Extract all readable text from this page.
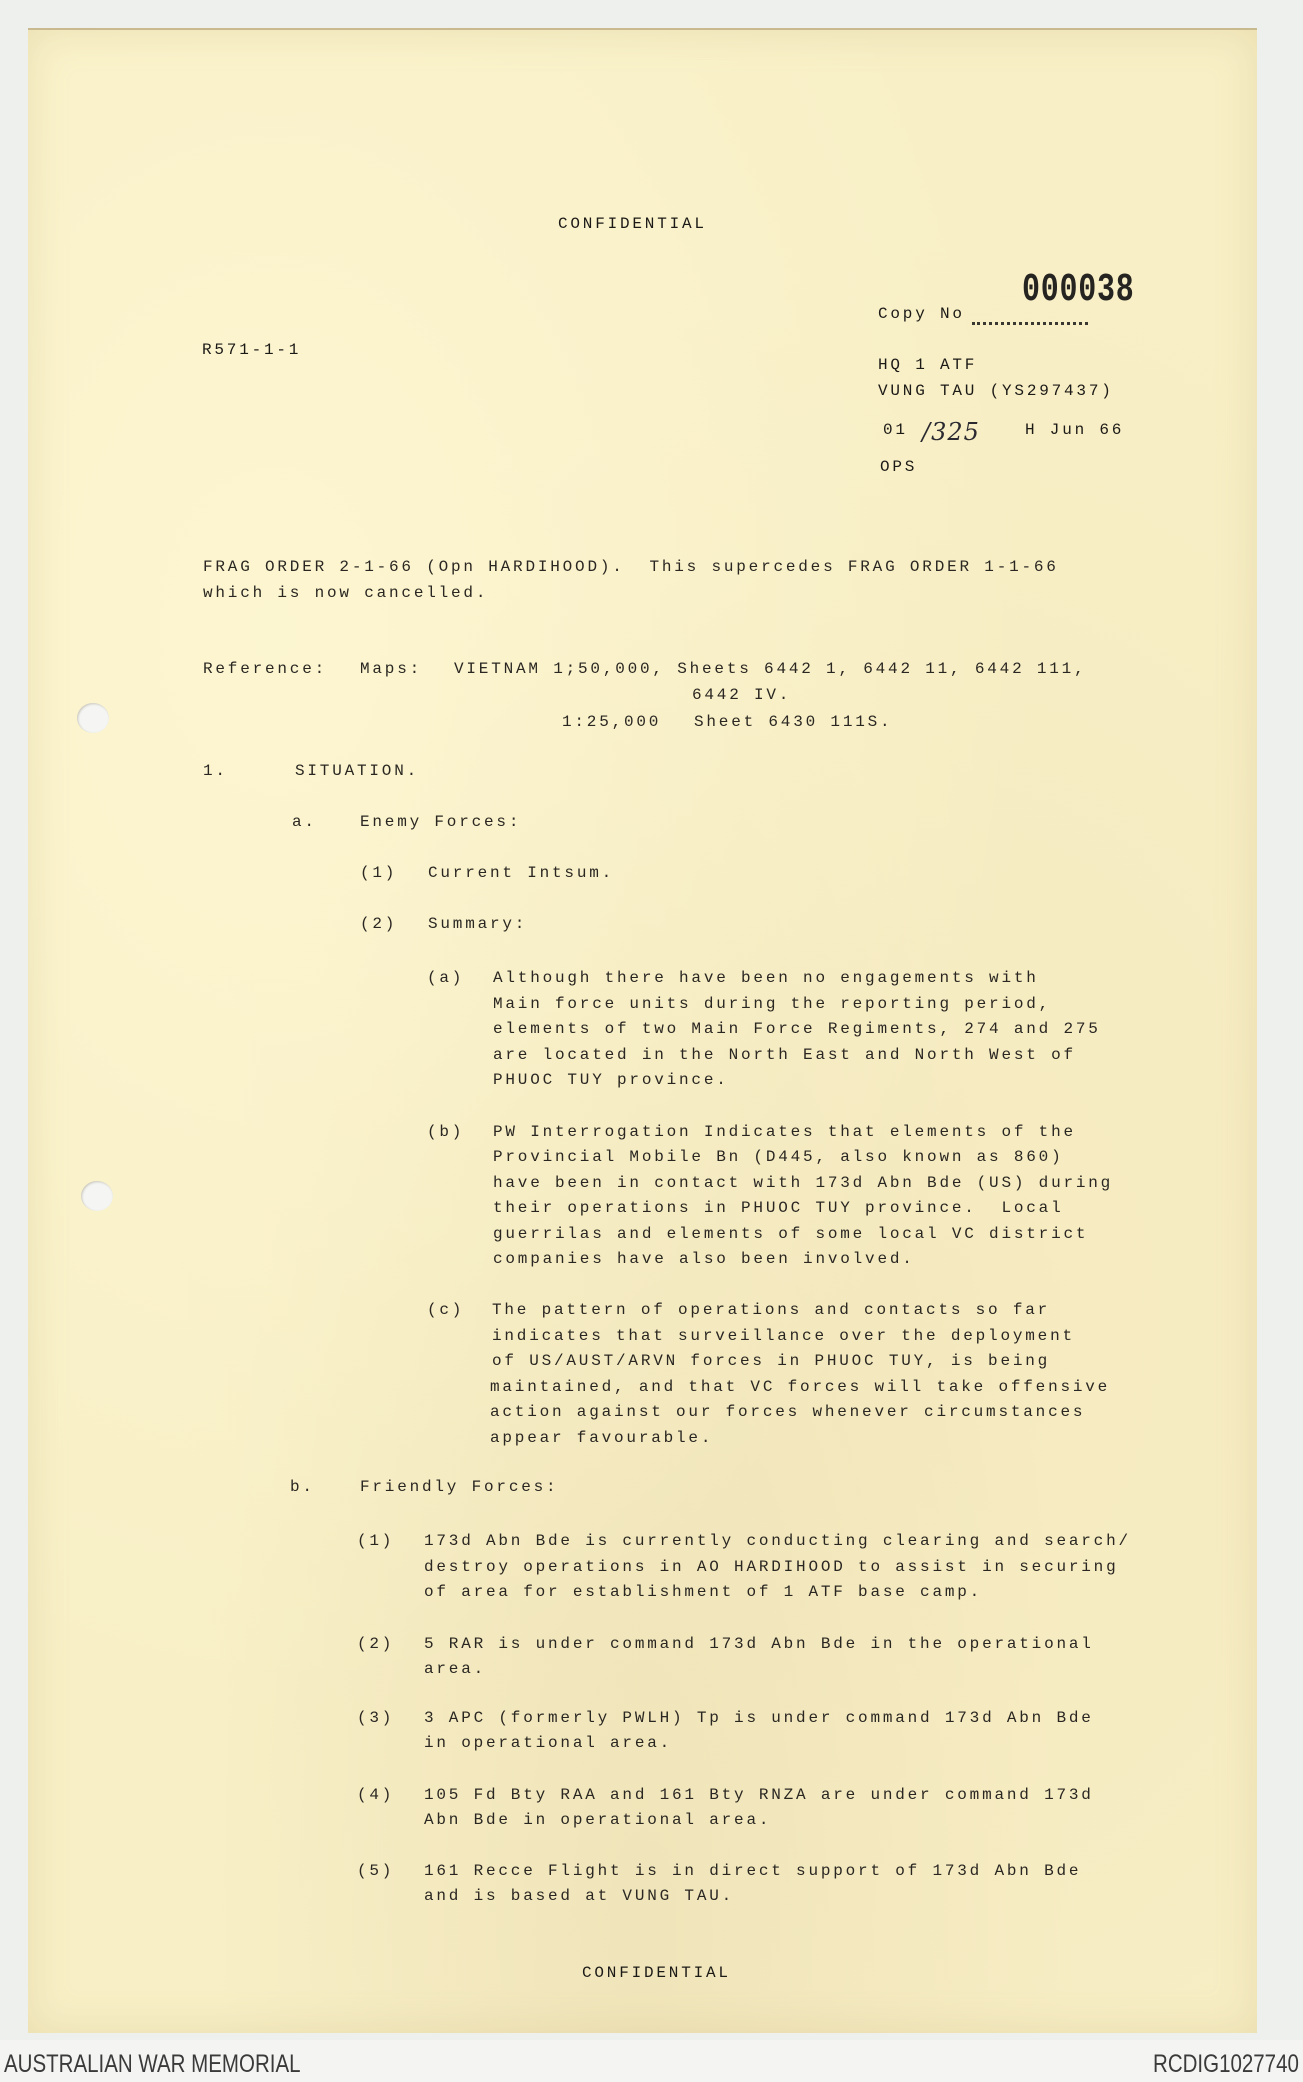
CONFIDENTIAL
000038
Copy No
R571-1-1
HQ 1 ATF
VUNG TAU (YS297437)
01 /325	H Jun 66
OPS
FRAG ORDER 2-1-66 (Opn HARDIHOOD).  This supercedes FRAG ORDER 1-1-66
which is now cancelled.
Reference: Maps: VIETNAM 1;50,000, Sheets 6442 1, 6442 11, 6442 111,
6442 IV.
1:25,000 Sheet 6430 111S.
1.	SITUATION.
a.	Enemy Forces:
(1) Current Intsum.
(2) Summary:
(a) Although there have been no engagements with
Main force units during the reporting period,
elements of two Main Force Regiments, 274 and 275
are located in the North East and North West of
PHUOC TUY province.
(b) PW Interrogation Indicates that elements of the
Provincial Mobile Bn (D445, also known as 860)
have been in contact with 173d Abn Bde (US) during
their operations in PHUOC TUY province.  Local
guerrilas and elements of some local VC district
companies have also been involved.
(c) The pattern of operations and contacts so far
indicates that surveillance over the deployment
of US/AUST/ARVN forces in PHUOC TUY, is being
maintained, and that VC forces will take offensive
action against our forces whenever circumstances
appear favourable.
b.	Friendly Forces:
(1) 173d Abn Bde is currently conducting clearing and search/
destroy operations in AO HARDIHOOD to assist in securing
of area for establishment of 1 ATF base camp.
(2) 5 RAR is under command 173d Abn Bde in the operational
area.
(3) 3 APC (formerly PWLH) Tp is under command 173d Abn Bde
in operational area.
(4) 105 Fd Bty RAA and 161 Bty RNZA are under command 173d
Abn Bde in operational area.
(5) 161 Recce Flight is in direct support of 173d Abn Bde
and is based at VUNG TAU.
CONFIDENTIAL
AUSTRALIAN WAR MEMORIAL	RCDIG1027740
